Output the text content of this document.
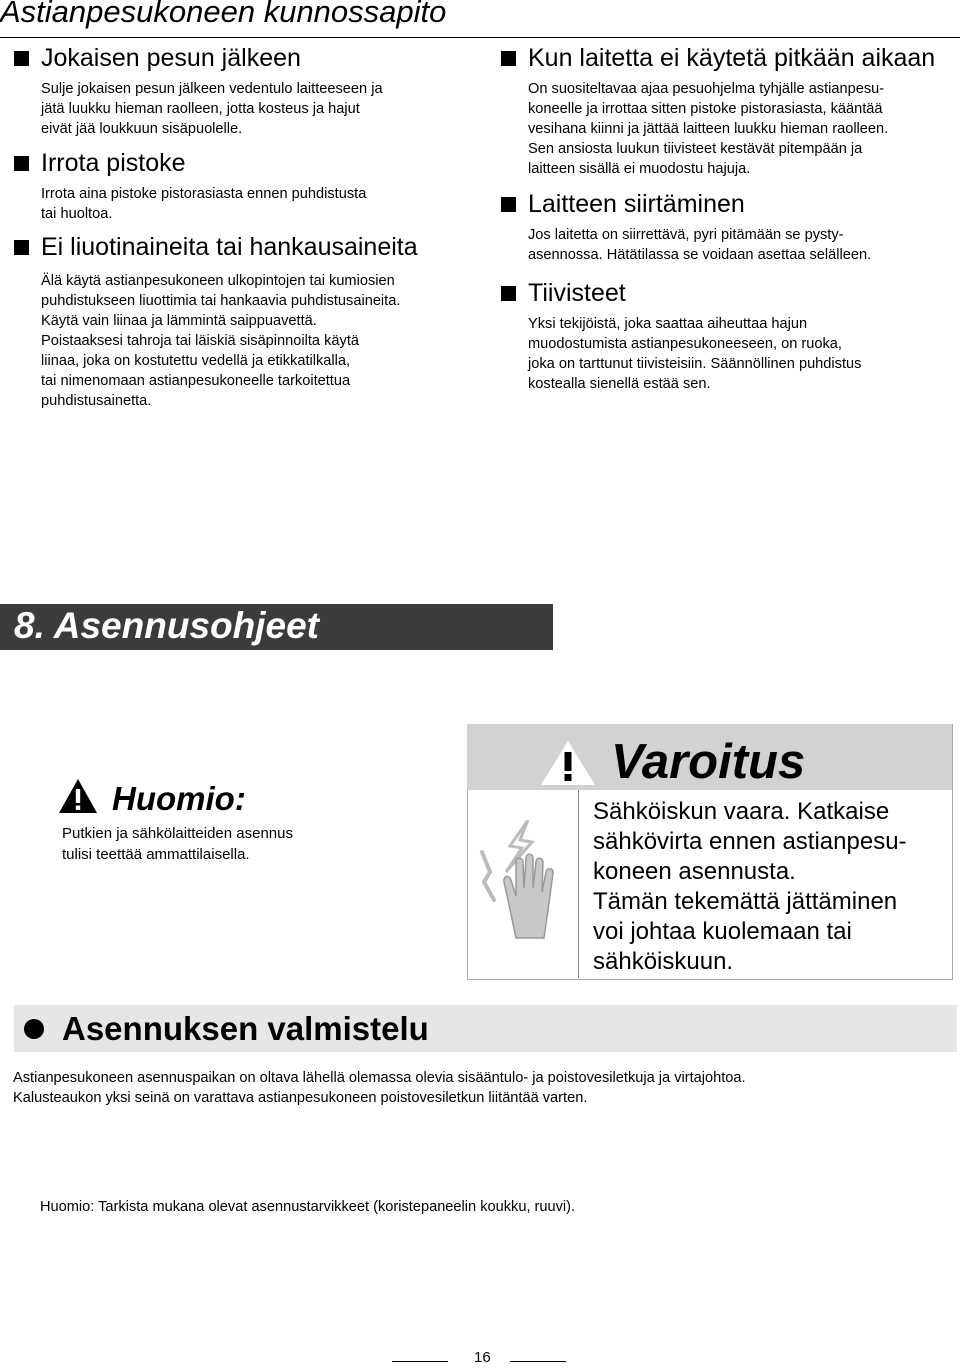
Astianpesukoneen kunnossapito
Jokaisen pesun jälkeen

Sulje jokaisen pesun jälkeen vedentulo laitteeseen ja

jätä luukku hieman raolleen, jotta kosteus ja hajut

eivät jää loukkuun sisäpuolelle.

Irrota pistoke

Irrota aina pistoke pistorasiasta ennen puhdistusta

tai huoltoa.

Ei liuotinaineita tai hankausaineita

Älä käytä astianpesukoneen ulkopintojen tai kumiosien

puhdistukseen liuottimia tai hankaavia puhdistusaineita.

Käytä vain liinaa ja lämmintä saippuavettä.

Poistaaksesi tahroja tai läiskiä sisäpinnoilta käytä

liinaa, joka on kostutettu vedellä ja etikkatilkalla,

tai nimenomaan astianpesukoneelle tarkoitettua

puhdistusainetta.

Kun laitetta ei käytetä pitkään aikaan

On suositeltavaa ajaa pesuohjelma tyhjälle astianpesu-

koneelle ja irrottaa sitten pistoke pistorasiasta, kääntää

vesihana kiinni ja jättää laitteen luukku hieman raolleen.

Sen ansiosta luukun tiivisteet kestävät pitempään ja

laitteen sisällä ei muodostu hajuja.

Laitteen siirtäminen

Jos laitetta on siirrettävä, pyri pitämään se pysty-

asennossa. Hätätilassa se voidaan asettaa selälleen.

Tiivisteet

Yksi tekijöistä, joka saattaa aiheuttaa hajun

muodostumista astianpesukoneeseen, on ruoka,

joka on tarttunut tiivisteisiin. Säännöllinen puhdistus

kostealla sienellä estää sen.

8. Asennusohjeet
Huomio:
Putkien ja sähkölaitteiden asennus
tulisi teettää ammattilaisella.
Varoitus
Sähköiskun vaara. Katkaise
sähkövirta ennen astianpesu-
koneen asennusta.
Tämän tekemättä jättäminen
voi johtaa kuolemaan tai
sähköiskuun.
Asennuksen valmistelu
Astianpesukoneen asennuspaikan on oltava lähellä olemassa olevia sisääntulo- ja poistovesiletkuja ja virtajohtoa.
Kalusteaukon yksi seinä on varattava astianpesukoneen poistovesiletkun liitäntää varten.
Huomio: Tarkista mukana olevat asennustarvikkeet (koristepaneelin koukku, ruuvi).
16
